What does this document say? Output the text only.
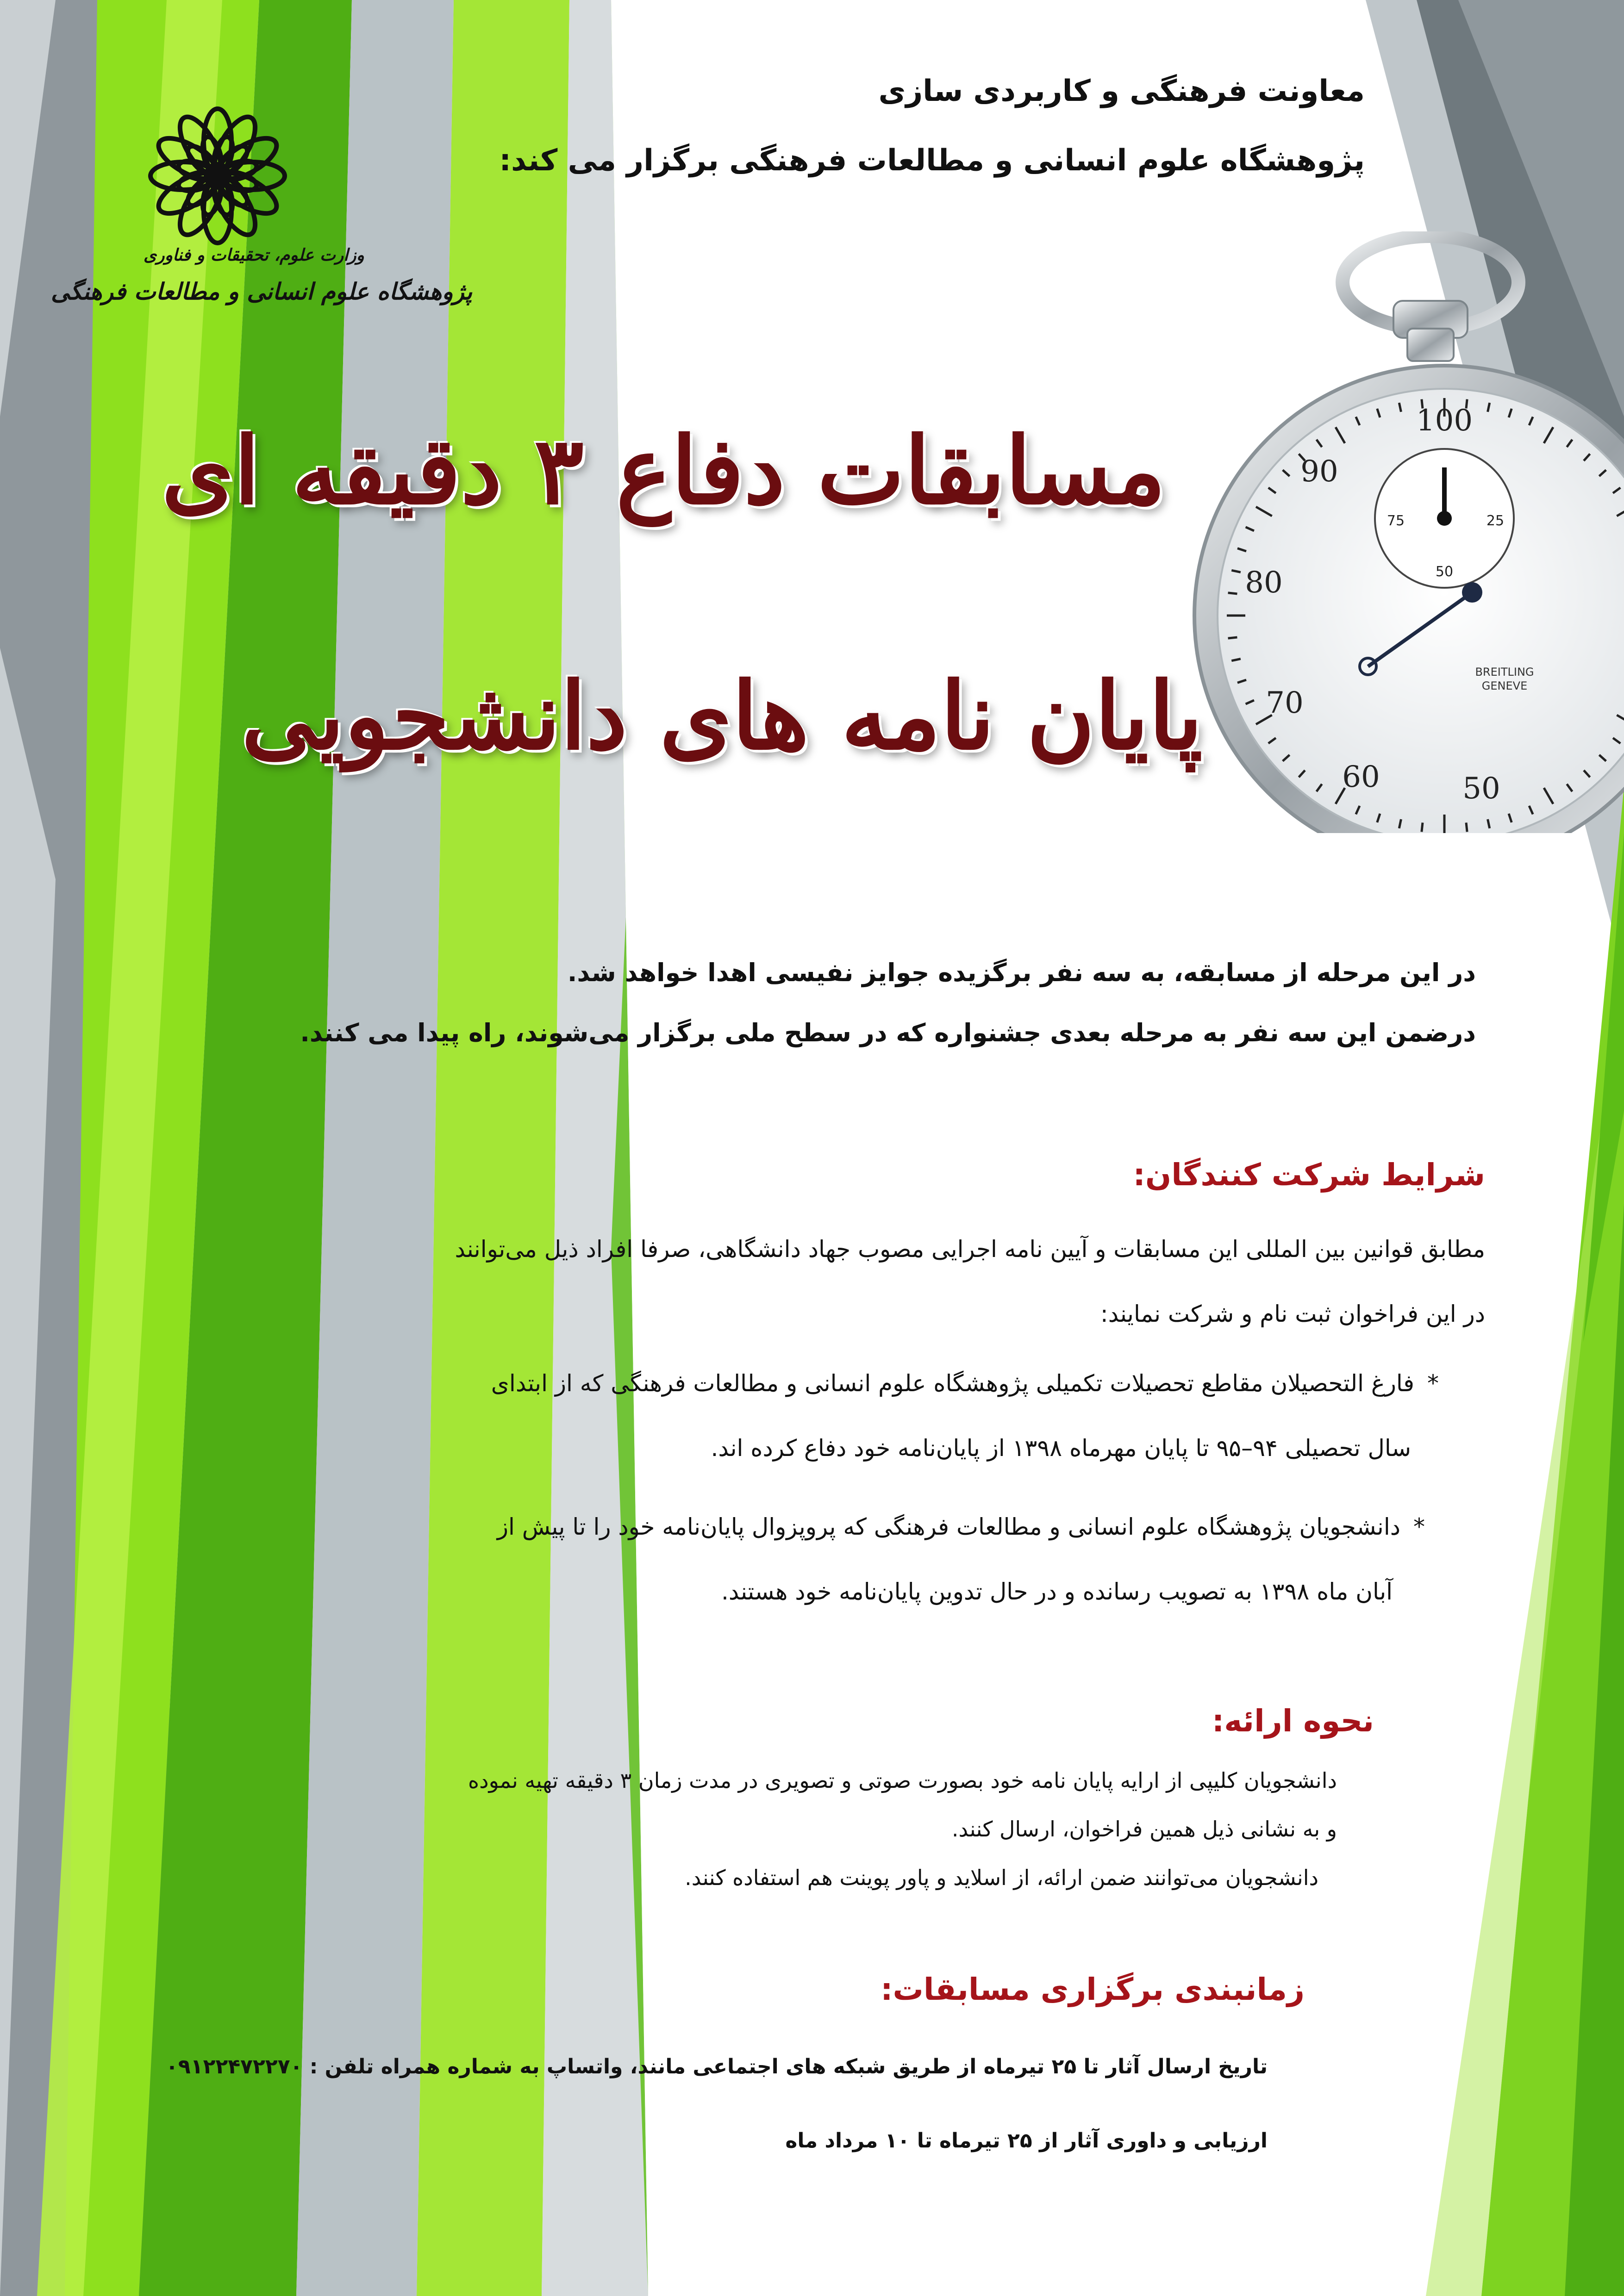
100
90
80
70
60	50
25
75
50
BREITLING
GENEVE
وزارت علوم، تحقیقات و فناوری
پژوهشگاه علوم انسانی و مطالعات فرهنگی
معاونت فرهنگی و کاربردی سازی
پژوهشگاه علوم انسانی و مطالعات فرهنگی برگزار می کند:
مسابقات دفاع ۳ دقیقه ای
پایان نامه های دانشجویی
در این مرحله از مسابقه، به سه نفر برگزیده جوایز نفیسی اهدا خواهد شد.
درضمن این سه نفر به مرحله بعدی جشنواره که در سطح ملی برگزار می‌شوند، راه پیدا می کنند.
شرایط شرکت کنندگان:
مطابق قوانین بین المللی این مسابقات و آیین نامه اجرایی مصوب جهاد دانشگاهی، صرفا افراد ذیل می‌توانند
در این فراخوان ثبت نام و شرکت نمایند:
*فارغ التحصیلان مقاطع تحصیلات تکمیلی پژوهشگاه علوم انسانی و مطالعات فرهنگی که از ابتدای
سال تحصیلی ۹۴–۹۵ تا پایان مهرماه ۱۳۹۸ از پایان‌نامه خود دفاع کرده اند.
*دانشجویان پژوهشگاه علوم انسانی و مطالعات فرهنگی که پروپزوال پایان‌نامه خود را تا پیش از
آبان ماه ۱۳۹۸ به تصویب رسانده و در حال تدوین پایان‌نامه خود هستند.
نحوه ارائه:
دانشجویان کلیپی از ارایه پایان نامه خود بصورت صوتی و تصویری در مدت زمان ۳ دقیقه تهیه نموده
و به نشانی ذیل همین فراخوان، ارسال کنند.
دانشجویان می‌توانند ضمن ارائه، از اسلاید و پاور پوینت هم استفاده کنند.
زمانبندی برگزاری مسابقات:
تاریخ ارسال آثار تا ۲۵ تیرماه از طریق شبکه های اجتماعی مانند، واتساپ به شماره همراه تلفن : ۰۹۱۲۲۴۷۲۲۷۰
ارزیابی و داوری آثار از ۲۵ تیرماه تا ۱۰ مرداد ماه
